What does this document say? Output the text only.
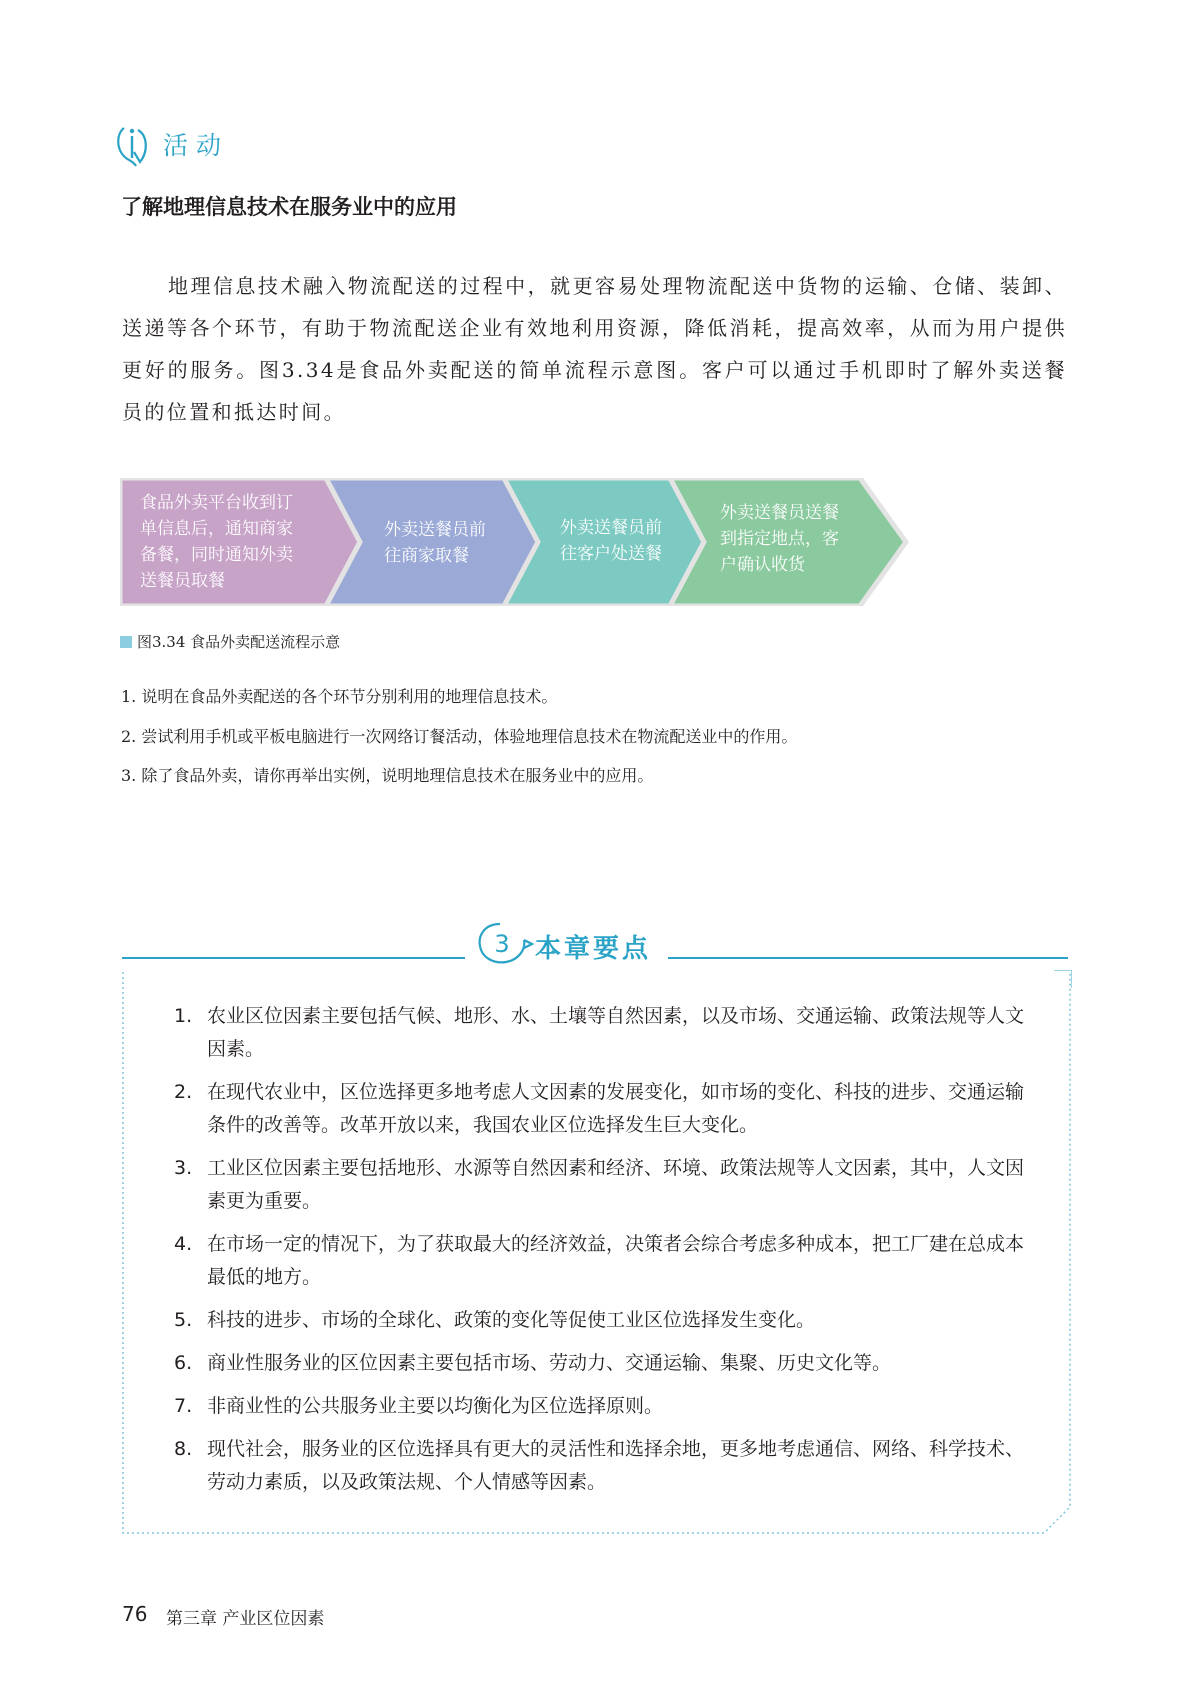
活动
了解地理信息技术在服务业中的应用

地理信息技术融入物流配送的过程中，就更容易处理物流配送中货物的运输、仓储、装卸、送递等各个环节，有助于物流配送企业有效地利用资源，降低消耗，提高效率，从而为用户提供更好的服务。图3.34是食品外卖配送的简单流程示意图。客户可以通过手机即时了解外卖送餐员的位置和抵达时间。

食品外卖平台收到订
单信息后，通知商家
备餐，同时通知外卖
送餐员取餐
外卖送餐员前
往商家取餐
外卖送餐员前
往客户处送餐
外卖送餐员送餐
到指定地点，客
户确认收货
图3.34 食品外卖配送流程示意
1. 说明在食品外卖配送的各个环节分别利用的地理信息技术。
2. 尝试利用手机或平板电脑进行一次网络订餐活动，体验地理信息技术在物流配送业中的作用。
3. 除了食品外卖，请你再举出实例，说明地理信息技术在服务业中的应用。
3 本章要点
1. 农业区位因素主要包括气候、地形、水、土壤等自然因素，以及市场、交通运输、政策法规等人文因素。
2. 在现代农业中，区位选择更多地考虑人文因素的发展变化，如市场的变化、科技的进步、交通运输条件的改善等。改革开放以来，我国农业区位选择发生巨大变化。
3. 工业区位因素主要包括地形、水源等自然因素和经济、环境、政策法规等人文因素，其中，人文因素更为重要。
4. 在市场一定的情况下，为了获取最大的经济效益，决策者会综合考虑多种成本，把工厂建在总成本最低的地方。
5. 科技的进步、市场的全球化、政策的变化等促使工业区位选择发生变化。
6. 商业性服务业的区位因素主要包括市场、劳动力、交通运输、集聚、历史文化等。
7. 非商业性的公共服务业主要以均衡化为区位选择原则。
8. 现代社会，服务业的区位选择具有更大的灵活性和选择余地，更多地考虑通信、网络、科学技术、劳动力素质，以及政策法规、个人情感等因素。
76 第三章 产业区位因素
